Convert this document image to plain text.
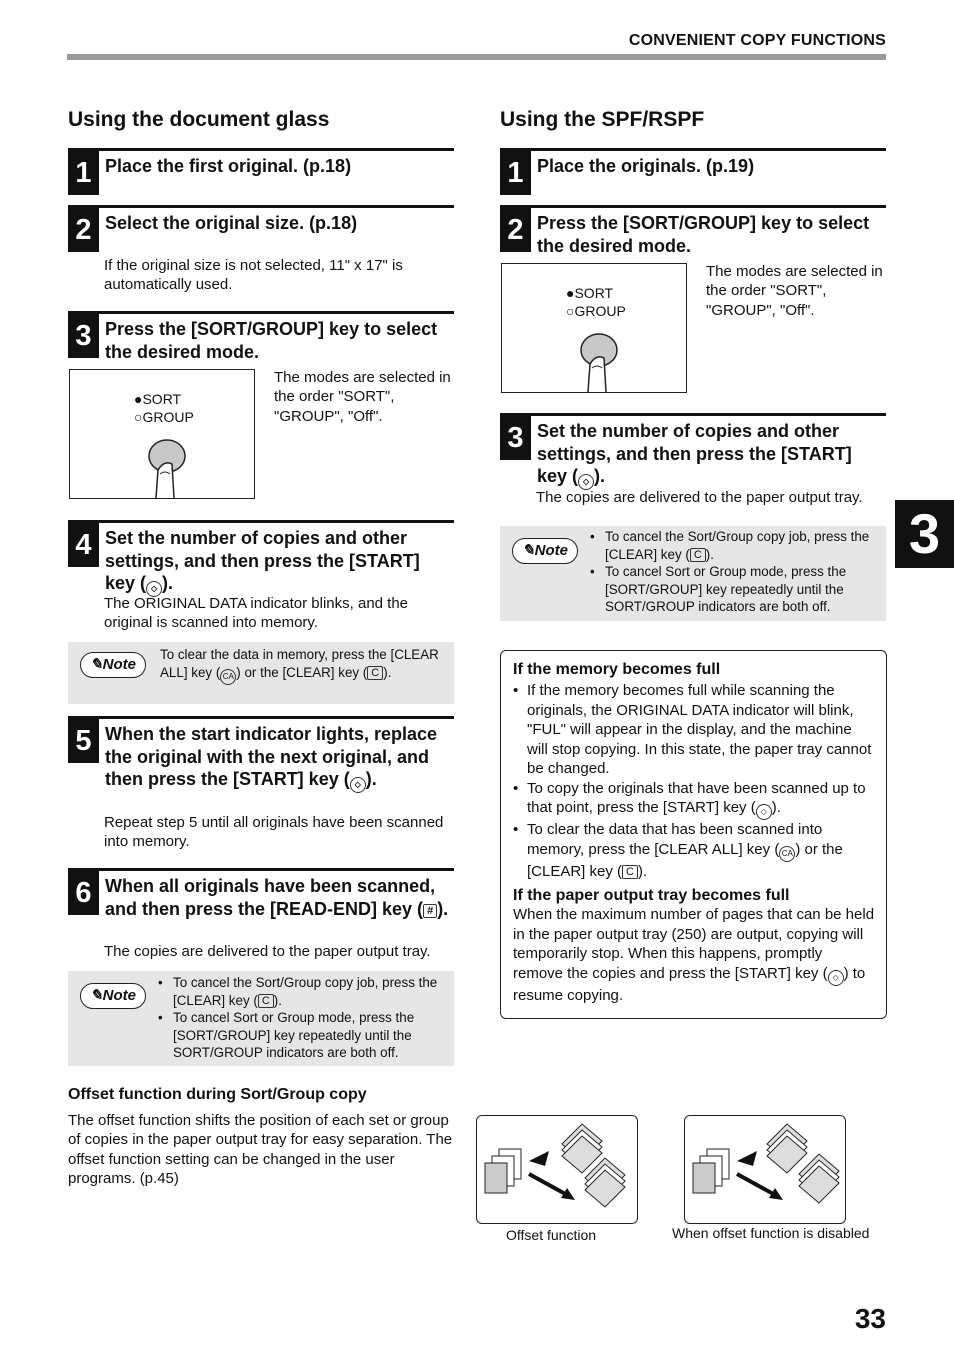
CONVENIENT COPY FUNCTIONS
Using the document glass
1 Place the first original. (p.18)
2 Select the original size. (p.18)
If the original size is not selected, 11" x 17" is automatically used.
3 Press the [SORT/GROUP] key to select the desired mode.
●SORT
○GROUP
The modes are selected in the order "SORT", "GROUP", "Off".
4 Set the number of copies and other settings, and then press the [START] key ( ◇ ).
The ORIGINAL DATA indicator blinks, and the original is scanned into memory.
✎Note
To clear the data in memory, press the [CLEAR ALL] key ( CA ) or the [CLEAR] key ( C ).
5 When the start indicator lights, replace the original with the next original, and then press the [START] key ( ◇ ).
Repeat step 5 until all originals have been scanned into memory.
6 When all originals have been scanned, and then press the [READ-END] key ( # ).
The copies are delivered to the paper output tray.
✎Note
• To cancel the Sort/Group copy job, press the [CLEAR] key ( C ).
• To cancel Sort or Group mode, press the [SORT/GROUP] key repeatedly until the SORT/GROUP indicators are both off.
Offset function during Sort/Group copy
The offset function shifts the position of each set or group of copies in the paper output tray for easy separation. The offset function setting can be changed in the user programs. (p.45)
Using the SPF/RSPF
1 Place the originals. (p.19)
2 Press the [SORT/GROUP] key to select the desired mode.
●SORT
○GROUP
The modes are selected in the order "SORT", "GROUP", "Off".
3 Set the number of copies and other settings, and then press the [START] key ( ◇ ).
The copies are delivered to the paper output tray.
✎Note
• To cancel the Sort/Group copy job, press the [CLEAR] key ( C ).
• To cancel Sort or Group mode, press the [SORT/GROUP] key repeatedly until the SORT/GROUP indicators are both off.
If the memory becomes full
• If the memory becomes full while scanning the originals, the ORIGINAL DATA indicator will blink, "FUL" will appear in the display, and the machine will stop copying. In this state, the paper tray cannot be changed.
• To copy the originals that have been scanned up to that point, press the [START] key ( ◇ ).
• To clear the data that has been scanned into memory, press the [CLEAR ALL] key ( CA ) or the [CLEAR] key ( C ).
If the paper output tray becomes full
When the maximum number of pages that can be held in the paper output tray (250) are output, copying will temporarily stop. When this happens, promptly remove the copies and press the [START] key ( ◇ ) to resume copying.
Offset function	When offset function is disabled
3
33
